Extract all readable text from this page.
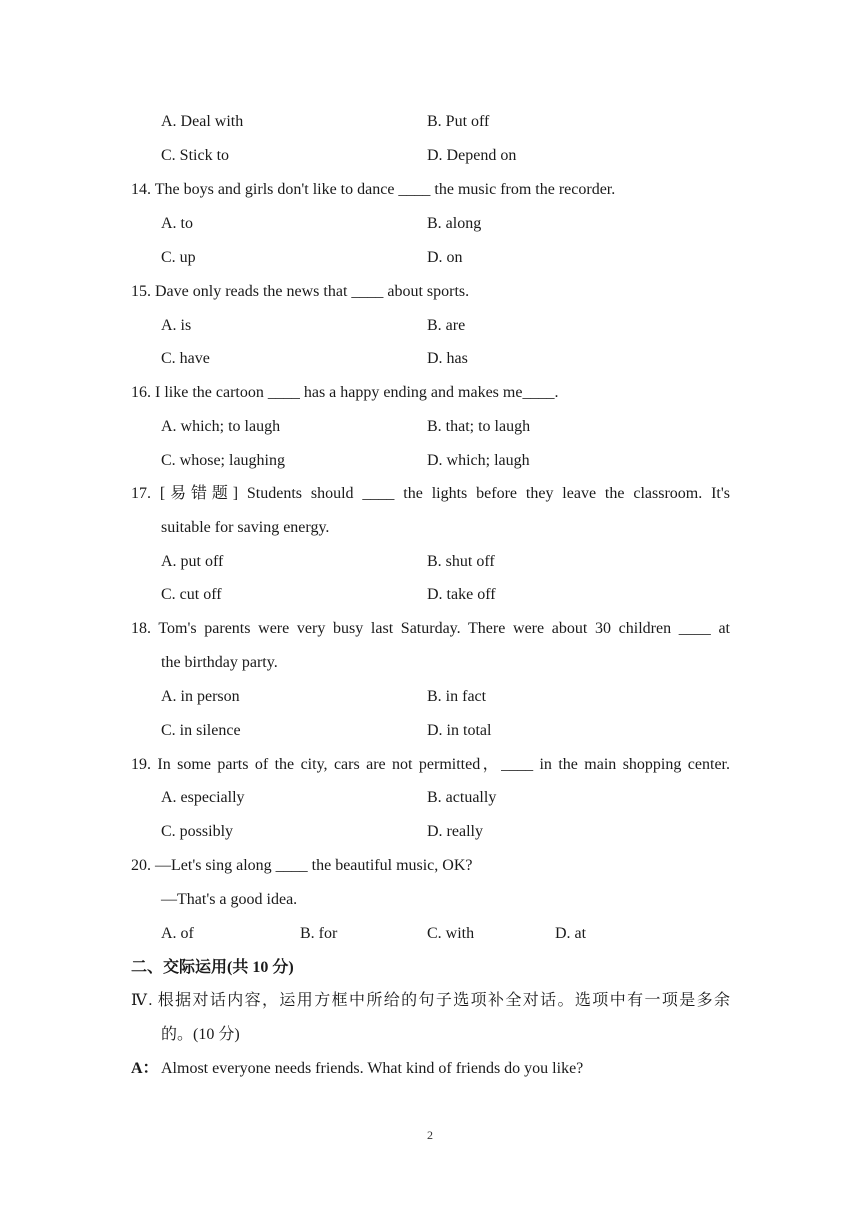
A. Deal with	B. Put off
C. Stick to	D. Depend on
14. The boys and girls don't like to dance ____ the music from the recorder.
A. to	B. along
C. up	D. on
15. Dave only reads the news that ____ about sports.
A. is	B. are
C. have	D. has
16. I like the cartoon ____ has a happy ending and makes me____.
A. which; to laugh	B. that; to laugh
C. whose; laughing	D. which; laugh
17. [易错题] Students should ____ the lights before they leave the classroom. It's
suitable for saving energy.
A. put off	B. shut off
C. cut off	D. take off
18. Tom's parents were very busy last Saturday. There were about 30 children ____ at
the birthday party.
A. in person	B. in fact
C. in silence	D. in total
19. In some parts of the city, cars are not permitted，____ in the main shopping center.
A. especially	B. actually
C. possibly	D. really
20. —Let's sing along ____ the beautiful music, OK?
—That's a good idea.
A. of	B. for	C. with	D. at
二、交际运用(共 10 分)
Ⅳ. 根据对话内容，运用方框中所给的句子选项补全对话。选项中有一项是多余
的。(10 分)
A： Almost everyone needs friends. What kind of friends do you like?
2
